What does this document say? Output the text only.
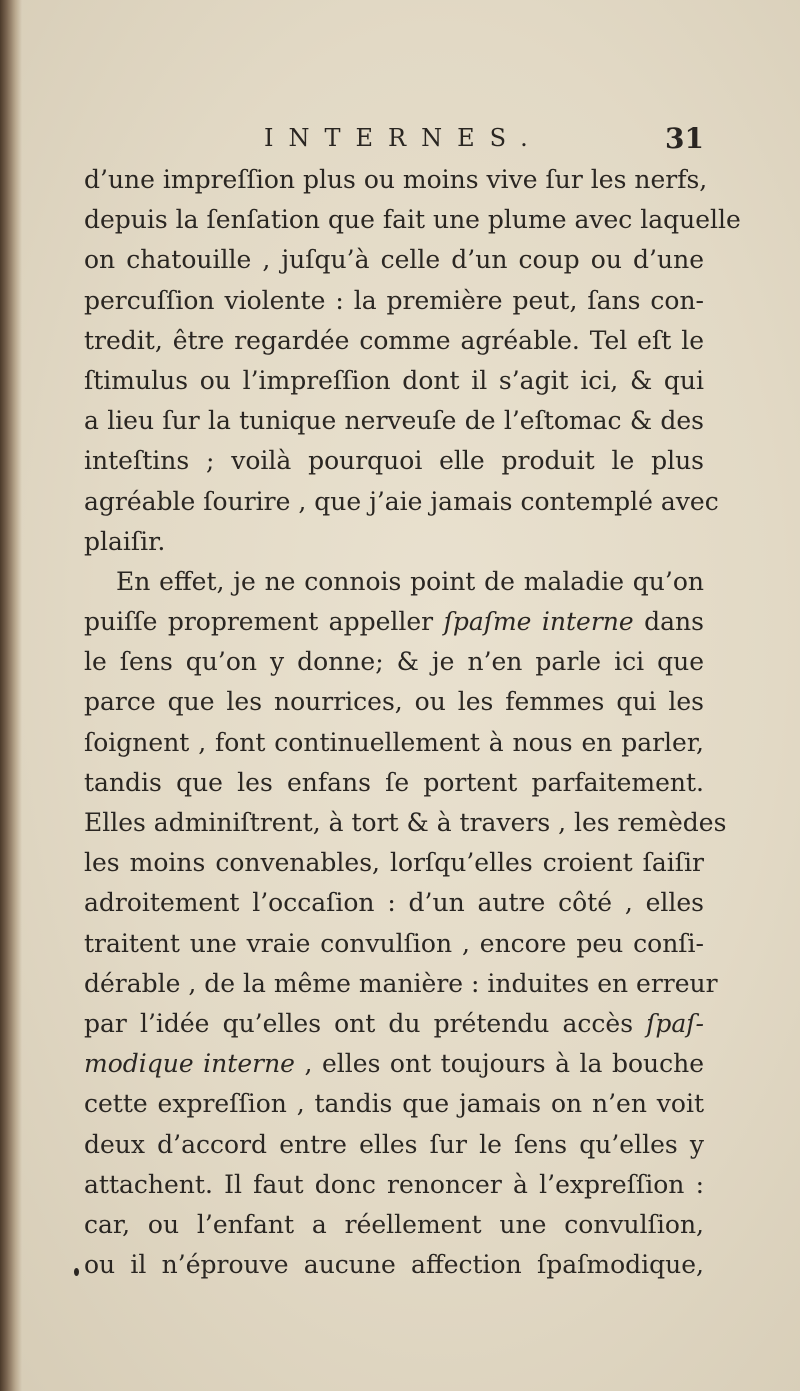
INTERNES.	31
d’une impreſſion plus ou moins vive ſur les nerfs,
depuis la ſenſation que fait une plume avec laquelle
on chatouille , juſqu’à celle d’un coup ou d’une
percuſſion violente : la première peut, ſans con-
tredit, être regardée comme agréable. Tel eſt le
ſtimulus ou l’impreſſion dont il s’agit ici, & qui
a lieu ſur la tunique nerveuſe de l’eſtomac & des
inteſtins ; voilà pourquoi elle produit le plus
agréable ſourire , que j’aie jamais contemplé avec
plaiſir.
En effet, je ne connois point de maladie qu’on
puiſſe proprement appeller ſpaſme interne dans
le ſens qu’on y donne; & je n’en parle ici que
parce que les nourrices, ou les femmes qui les
ſoignent , font continuellement à nous en parler,
tandis que les enfans ſe portent parfaitement.
Elles adminiſtrent, à tort & à travers , les remèdes
les moins convenables, lorſqu’elles croient ſaiſir
adroitement l’occaſion : d’un autre côté , elles
traitent une vraie convulſion , encore peu conſi-
dérable , de la même manière : induites en erreur
par l’idée qu’elles ont du prétendu accès ſpaſ-
modique interne , elles ont toujours à la bouche
cette expreſſion , tandis que jamais on n’en voit
deux d’accord entre elles ſur le ſens qu’elles y
attachent. Il faut donc renoncer à l’expreſſion :
car, ou l’enfant a réellement une convulſion,
ou il n’éprouve aucune affection ſpaſmodique,
